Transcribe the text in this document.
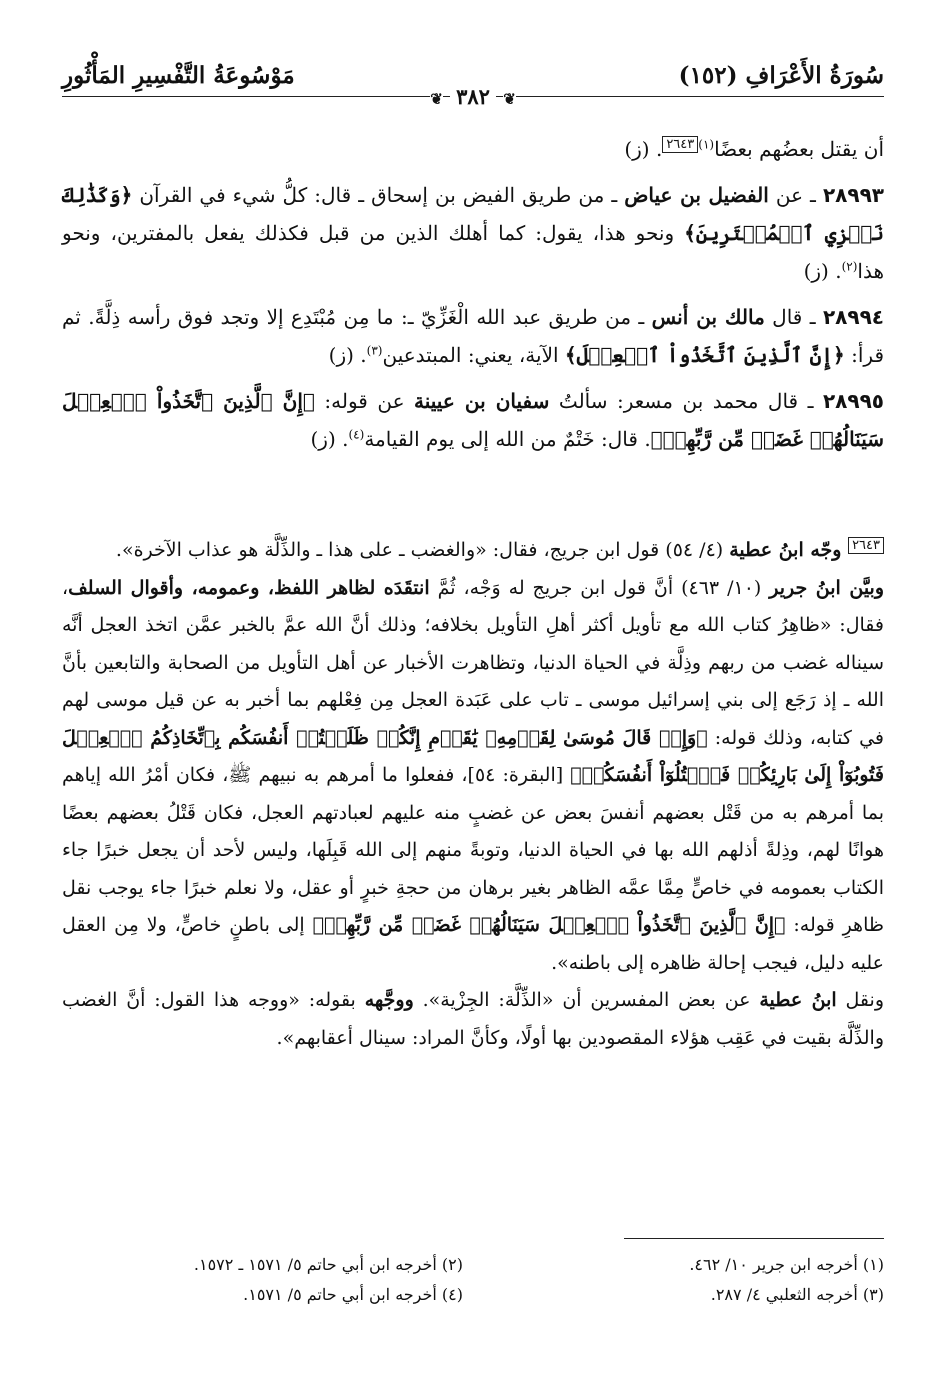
سُورَةُ الأَعْرَافِ (١٥٢)
مَوْسُوعَةُ التَّفْسِيرِ المَأْثُورِ
❦ ٣٨٢ ❦

أن يقتل بعضُهم بعضًا$^{(١)٢٦٤٣}$. (ز)

٢٨٩٩٣ ـ عن الفضيل بن عياض ـ من طريق الفيض بن إسحاق ـ قال: كلُّ شيء في القرآن ﴿وَكَذَٰلِكَ نَجۡزِي ٱلۡمُفۡتَرِينَ﴾ ونحو هذا، يقول: كما أهلك الذين من قبل فكذلك يفعل بالمفترين، ونحو هذا$^{(٢)}$. (ز)

٢٨٩٩٤ ـ قال مالك بن أنس ـ من طريق عبد الله الْغَزِّيّ ـ: ما مِن مُبْتَدِع إلا وتجد فوق رأسه ذِلَّةً. ثم قرأ: ﴿إِنَّ ٱلَّذِينَ ٱتَّخَذُواْ ٱلۡعِجۡلَ﴾ الآية، يعني: المبتدعين$^{(٣)}$. (ز)

٢٨٩٩٥ ـ قال محمد بن مسعر: سألتُ سفيان بن عيينة عن قوله: ﴿إِنَّ ٱلَّذِينَ ٱتَّخَذُواْ ٱلۡعِجۡلَ سَيَنَالُهُمۡ غَضَبٞ مِّن رَّبِّهِمۡ﴾. قال: خَتْمٌ من الله إلى يوم القيامة$^{(٤)}$. (ز)

$^{٢٦٤٣}$ وجّه ابنُ عطية (٤/ ٥٤) قول ابن جريج، فقال: «والغضب ـ على هذا ـ والذِّلَّة هو عذاب الآخرة».

وبيَّن ابنُ جرير (١٠/ ٤٦٣) أنَّ قول ابن جريج له وَجْه، ثُمَّ انتقَدَه لظاهر اللفظ، وعمومه، وأقوال السلف، فقال: «ظاهِرُ كتاب الله مع تأويل أكثر أهلِ التأويل بخلافه؛ وذلك أنَّ الله عمَّ بالخبر عمَّن اتخذ العجل أنَّه سيناله غضب من ربهم وذِلَّة في الحياة الدنيا، وتظاهرت الأخبار عن أهل التأويل من الصحابة والتابعين بأنَّ الله ـ إذ رَجَع إلى بني إسرائيل موسى ـ تاب على عَبَدة العجل مِن فِعْلهم بما أخبر به عن قيل موسى لهم في كتابه، وذلك قوله: ﴿وَإِذۡ قَالَ مُوسَىٰ لِقَوۡمِهِۦ يَٰقَوۡمِ إِنَّكُمۡ ظَلَمۡتُمۡ أَنفُسَكُم بِٱتِّخَاذِكُمُ ٱلۡعِجۡلَ فَتُوبُوٓاْ إِلَىٰ بَارِئِكُمۡ فَٱقۡتُلُوٓاْ أَنفُسَكُمۡ﴾ [البقرة: ٥٤]، ففعلوا ما أمرهم به نبيهم ﷺ، فكان أمْرُ الله إياهم بما أمرهم به من قَتْل بعضهم أنفسَ بعض عن غضبٍ منه عليهم لعبادتهم العجل، فكان قَتْلُ بعضهم بعضًا هوانًا لهم، وذِلةً أذلهم الله بها في الحياة الدنيا، وتوبةً منهم إلى الله قَبِلَها، وليس لأحد أن يجعل خبرًا جاء الكتاب بعمومه في خاصٍّ مِمَّا عمَّه الظاهر بغير برهان من حجةِ خبرٍ أو عقل، ولا نعلم خبرًا جاء يوجب نقل ظاهرِ قوله: ﴿إِنَّ ٱلَّذِينَ ٱتَّخَذُواْ ٱلۡعِجۡلَ سَيَنَالُهُمۡ غَضَبٞ مِّن رَّبِّهِمۡ﴾ إلى باطنٍ خاصٍّ، ولا مِن العقل عليه دليل، فيجب إحالة ظاهره إلى باطنه».

ونقل ابنُ عطية عن بعض المفسرين أن «الذِّلَّة: الجِزْية». ووجَّهه بقوله: «ووجه هذا القول: أنَّ الغضب والذِّلَّة بقيت في عَقِب هؤلاء المقصودين بها أولًا، وكأنَّ المراد: سينال أعقابهم».

(١) أخرجه ابن جرير ١٠/ ٤٦٢.
(٢) أخرجه ابن أبي حاتم ٥/ ١٥٧١ ـ ١٥٧٢.
(٣) أخرجه الثعلبي ٤/ ٢٨٧.
(٤) أخرجه ابن أبي حاتم ٥/ ١٥٧١.
